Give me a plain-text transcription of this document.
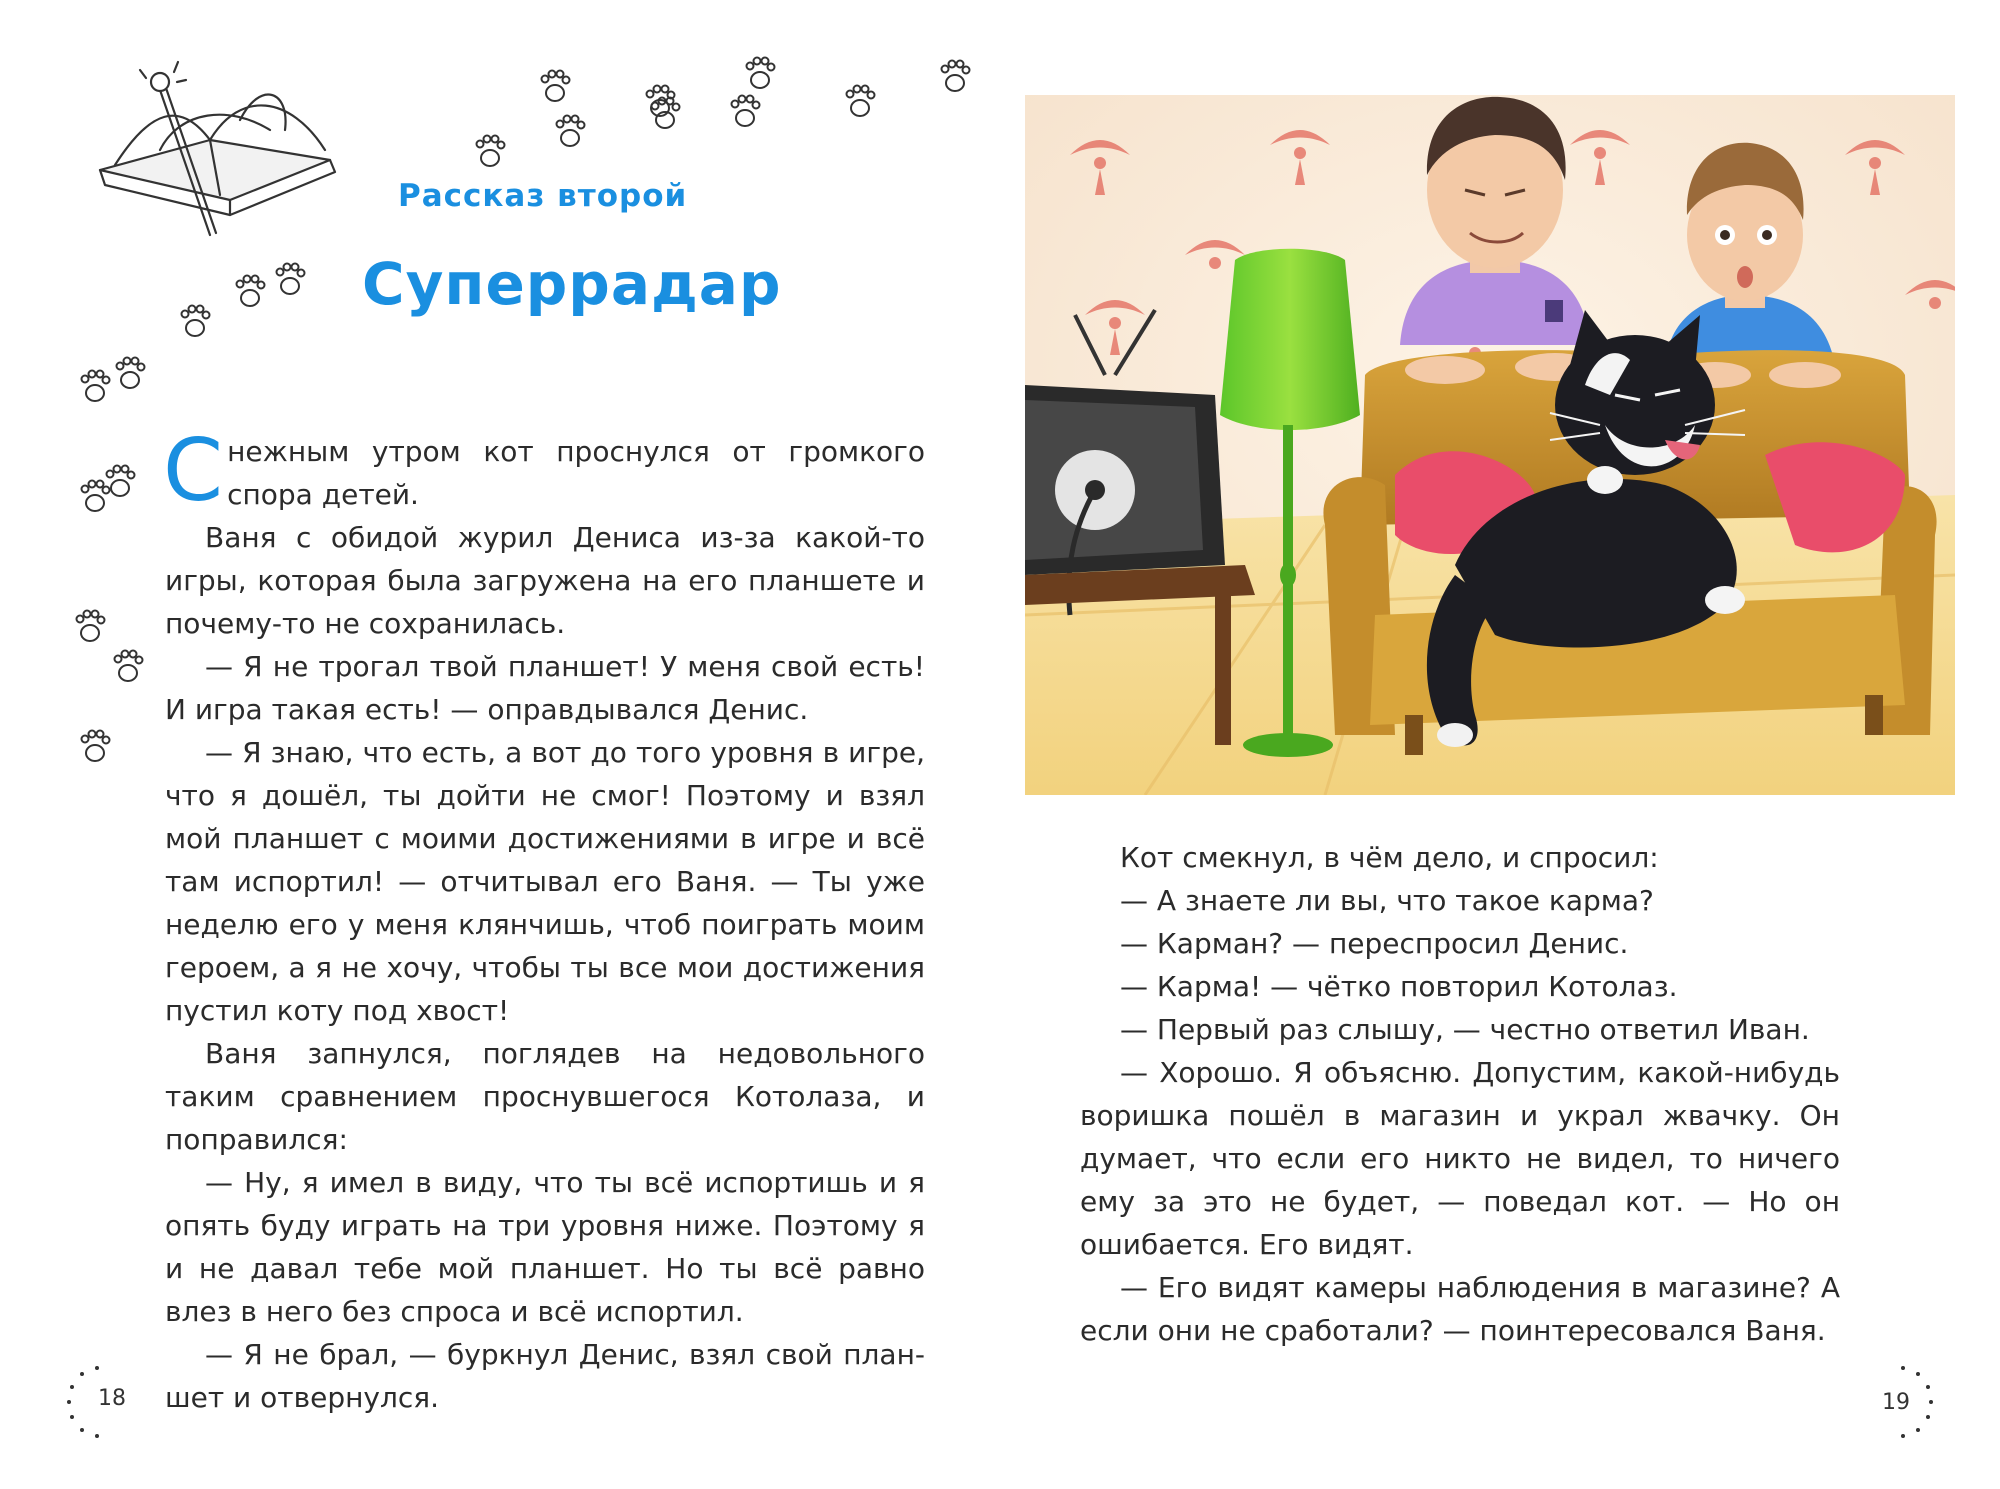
Рассказ второй
Суперрадар

Снежным утром кот проснулся от громкого спора детей.

Ваня с обидой журил Дениса из-за какой-то игры, которая была загружена на его планшете и почему-то не сохранилась.

— Я не трогал твой планшет! У меня свой есть! И игра такая есть! — оправдывался Денис.

— Я знаю, что есть, а вот до того уровня в игре, что я дошёл, ты дойти не смог! Поэтому и взял мой планшет с моими достижениями в игре и всё там испортил! — отчитывал его Ваня. — Ты уже неделю его у меня клянчишь, чтоб поиграть моим героем, а я не хочу, чтобы ты все мои достижения пустил коту под хвост!

Ваня запнулся, поглядев на недовольного таким сравнением проснувшегося Котолаза, и поправился:

— Ну, я имел в виду, что ты всё испортишь и я опять буду играть на три уровня ниже. Поэтому я и не давал тебе мой планшет. Но ты всё равно влез в него без спроса и всё испортил.

— Я не брал, — буркнул Денис, взял свой планшет и отвернулся.

18

Кот смекнул, в чём дело, и спросил:

— А знаете ли вы, что такое карма?

— Карман? — переспросил Денис.

— Карма! — чётко повторил Котолаз.

— Первый раз слышу, — честно ответил Иван.

— Хорошо. Я объясню. Допустим, какой-нибудь воришка пошёл в магазин и украл жвачку. Он думает, что если его никто не видел, то ничего ему за это не будет, — поведал кот. — Но он ошибается. Его видят.

— Его видят камеры наблюдения в магазине? А если они не сработали? — поинтересовался Ваня.

19
